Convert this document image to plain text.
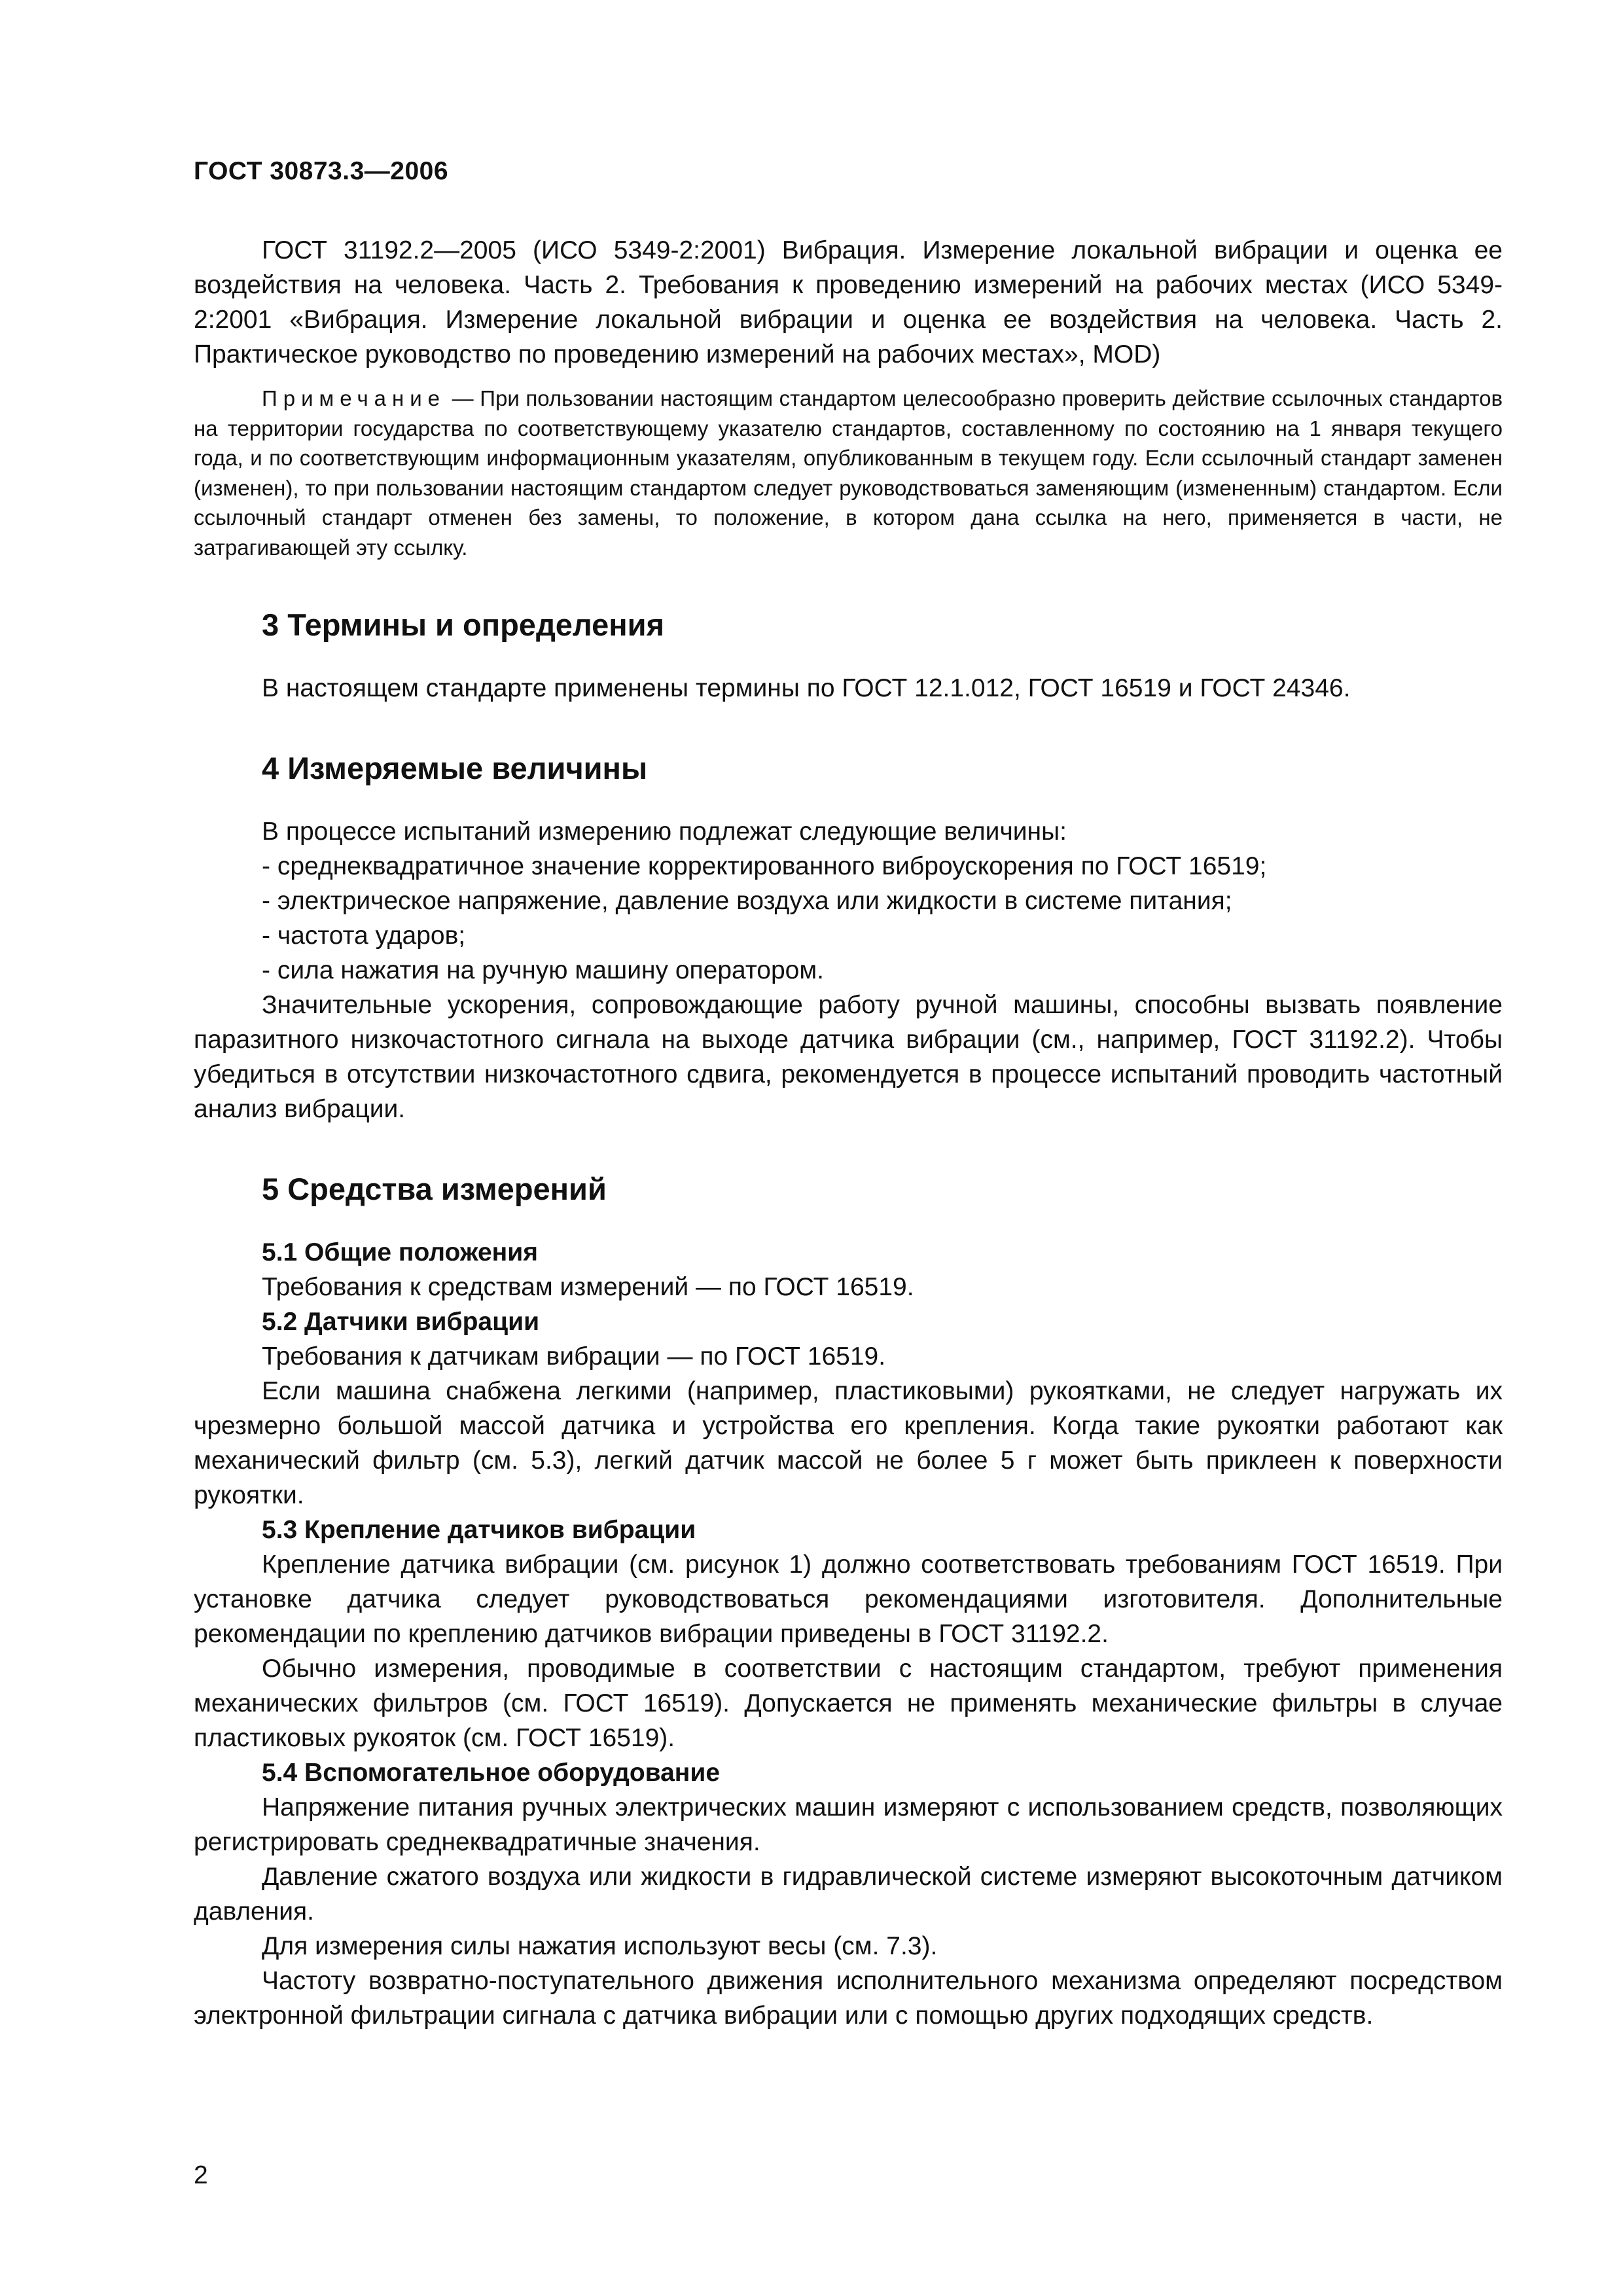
ГОСТ 30873.3—2006

ГОСТ 31192.2—2005 (ИСО 5349-2:2001) Вибрация. Измерение локальной вибрации и оценка ее воздействия на человека. Часть 2. Требования к проведению измерений на рабочих местах (ИСО 5349-2:2001 «Вибрация. Измерение локальной вибрации и оценка ее воздействия на человека. Часть 2. Практическое руководство по проведению измерений на рабочих местах», MOD)

Примечание — При пользовании настоящим стандартом целесообразно проверить действие ссылочных стандартов на территории государства по соответствующему указателю стандартов, составленному по состоянию на 1 января текущего года, и по соответствующим информационным указателям, опубликованным в текущем году. Если ссылочный стандарт заменен (изменен), то при пользовании настоящим стандартом следует руководствоваться заменяющим (измененным) стандартом. Если ссылочный стандарт отменен без замены, то положение, в котором дана ссылка на него, применяется в части, не затрагивающей эту ссылку.
3 Термины и определения

В настоящем стандарте применены термины по ГОСТ 12.1.012, ГОСТ 16519 и ГОСТ 24346.

4 Измеряемые величины

В процессе испытаний измерению подлежат следующие величины:

- среднеквадратичное значение корректированного виброускорения по ГОСТ 16519;
- электрическое напряжение, давление воздуха или жидкости в системе питания;
- частота ударов;
- сила нажатия на ручную машину оператором.

Значительные ускорения, сопровождающие работу ручной машины, способны вызвать появление паразитного низкочастотного сигнала на выходе датчика вибрации (см., например, ГОСТ 31192.2). Чтобы убедиться в отсутствии низкочастотного сдвига, рекомендуется в процессе испытаний проводить частотный анализ вибрации.

5 Средства измерений
5.1 Общие положения

Требования к средствам измерений — по ГОСТ 16519.

5.2 Датчики вибрации

Требования к датчикам вибрации — по ГОСТ 16519.

Если машина снабжена легкими (например, пластиковыми) рукоятками, не следует нагружать их чрезмерно большой массой датчика и устройства его крепления. Когда такие рукоятки работают как механический фильтр (см. 5.3), легкий датчик массой не более 5 г может быть приклеен к поверхности рукоятки.

5.3 Крепление датчиков вибрации

Крепление датчика вибрации (см. рисунок 1) должно соответствовать требованиям ГОСТ 16519. При установке датчика следует руководствоваться рекомендациями изготовителя. Дополнительные рекомендации по креплению датчиков вибрации приведены в ГОСТ 31192.2.

Обычно измерения, проводимые в соответствии с настоящим стандартом, требуют применения механических фильтров (см. ГОСТ 16519). Допускается не применять механические фильтры в случае пластиковых рукояток (см. ГОСТ 16519).

5.4 Вспомогательное оборудование

Напряжение питания ручных электрических машин измеряют с использованием средств, позволяющих регистрировать среднеквадратичные значения.

Давление сжатого воздуха или жидкости в гидравлической системе измеряют высокоточным датчиком давления.

Для измерения силы нажатия используют весы (см. 7.3).

Частоту возвратно-поступательного движения исполнительного механизма определяют посредством электронной фильтрации сигнала с датчика вибрации или с помощью других подходящих средств.

2
